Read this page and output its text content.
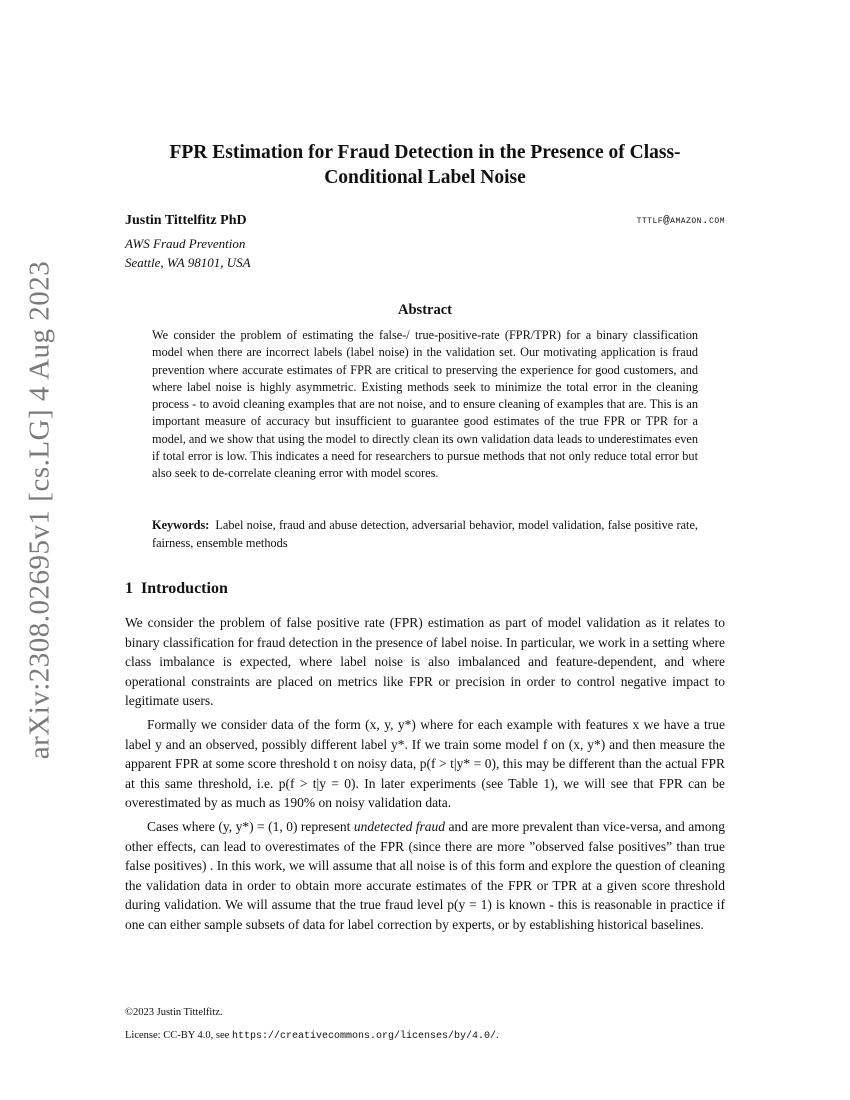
arXiv:2308.02695v1 [cs.LG] 4 Aug 2023
FPR Estimation for Fraud Detection in the Presence of Class-Conditional Label Noise
Justin Tittelfitz PhD	tttlf@amazon.com
AWS Fraud Prevention
Seattle, WA 98101, USA
Abstract
We consider the problem of estimating the false-/ true-positive-rate (FPR/TPR) for a binary classification model when there are incorrect labels (label noise) in the validation set. Our motivating application is fraud prevention where accurate estimates of FPR are critical to preserving the experience for good customers, and where label noise is highly asymmetric. Existing methods seek to minimize the total error in the cleaning process - to avoid cleaning examples that are not noise, and to ensure cleaning of examples that are. This is an important measure of accuracy but insufficient to guarantee good estimates of the true FPR or TPR for a model, and we show that using the model to directly clean its own validation data leads to underestimates even if total error is low. This indicates a need for researchers to pursue methods that not only reduce total error but also seek to de-correlate cleaning error with model scores.
Keywords: Label noise, fraud and abuse detection, adversarial behavior, model validation, false positive rate, fairness, ensemble methods
1 Introduction

We consider the problem of false positive rate (FPR) estimation as part of model validation as it relates to binary classification for fraud detection in the presence of label noise. In particular, we work in a setting where class imbalance is expected, where label noise is also imbalanced and feature-dependent, and where operational constraints are placed on metrics like FPR or precision in order to control negative impact to legitimate users.

Formally we consider data of the form (x, y, y*) where for each example with features x we have a true label y and an observed, possibly different label y*. If we train some model f on (x, y*) and then measure the apparent FPR at some score threshold t on noisy data, p(f > t|y* = 0), this may be different than the actual FPR at this same threshold, i.e. p(f > t|y = 0). In later experiments (see Table 1), we will see that FPR can be overestimated by as much as 190% on noisy validation data.

Cases where (y, y*) = (1, 0) represent undetected fraud and are more prevalent than vice-versa, and among other effects, can lead to overestimates of the FPR (since there are more ”observed false positives” than true false positives) . In this work, we will assume that all noise is of this form and explore the question of cleaning the validation data in order to obtain more accurate estimates of the FPR or TPR at a given score threshold during validation. We will assume that the true fraud level p(y = 1) is known - this is reasonable in practice if one can either sample subsets of data for label correction by experts, or by establishing historical baselines.

©2023 Justin Tittelfitz.
License: CC-BY 4.0, see https://creativecommons.org/licenses/by/4.0/.
